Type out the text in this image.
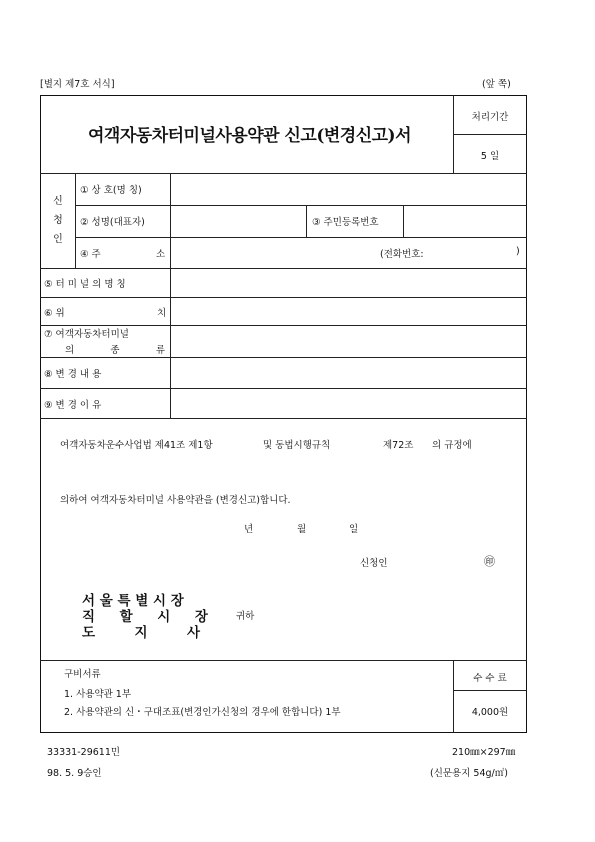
[별지 제7호 서식]	(앞 쪽)
여객자동차터미널사용약관 신고(변경신고)서
처리기간
5 일
신
청
인
① 상 호(명 칭)
② 성명(대표자)	③ 주민등록번호
④ 주	소	(전화번호:	)
⑤ 터 미 널 의 명 칭
⑥ 위	치
⑦ 여객자동차터미널
의	종	류
⑧ 변 경 내 용
⑨ 변 경 이 유
여객자동차운수사업법 제41조 제1항	및 동법시행규칙	제72조 의 규정에
의하여 여객자동차터미널 사용약관을 (변경신고)합니다.
년	월	일
신청인	㊞
서 울 특 별 시 장
직 할 시 장
도	지	사
귀하
구비서류
1. 사용약관 1부
2. 사용약관의 신・구대조표(변경인가신청의 경우에 한합니다) 1부
수 수 료
4,000원
33331-29611민
98. 5. 9승인
210㎜×297㎜
(신문용지 54g/㎡)
